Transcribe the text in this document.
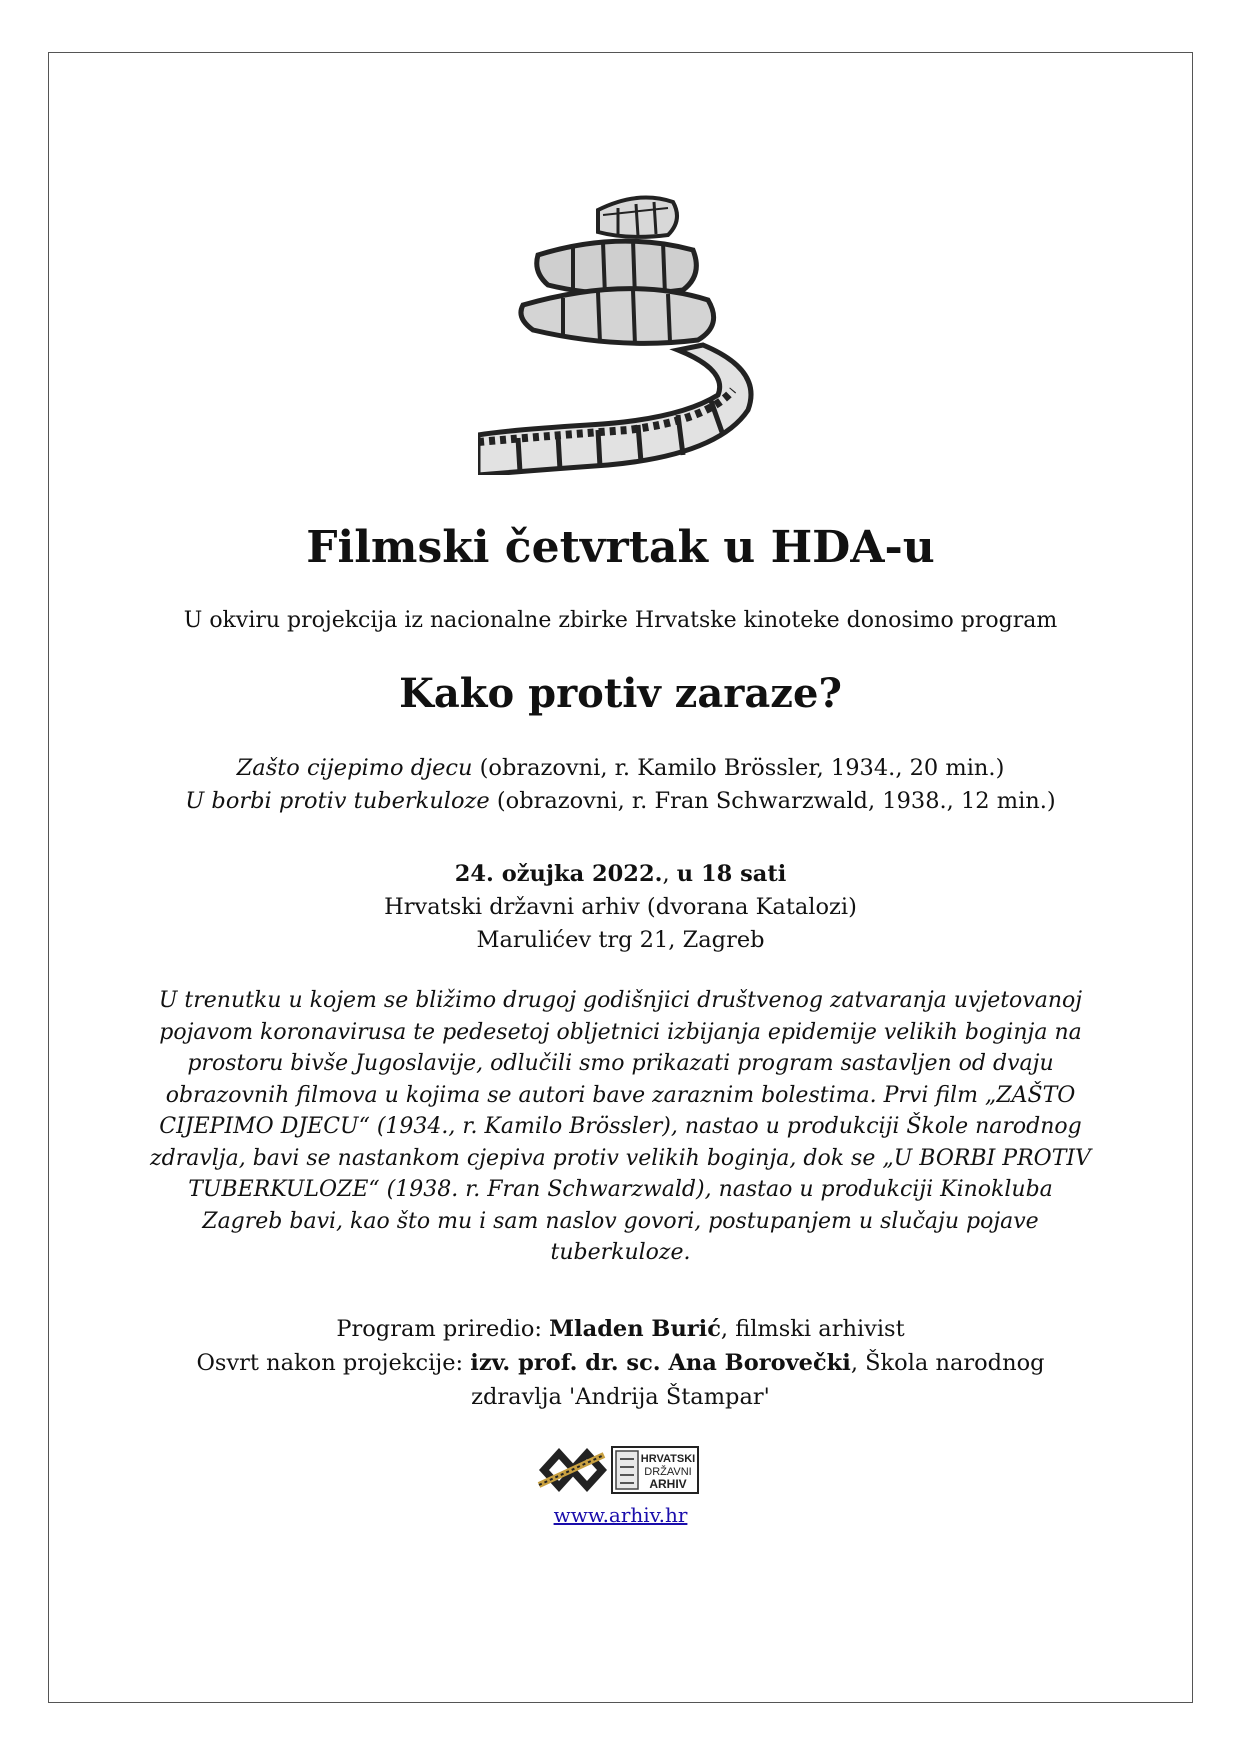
Filmski četvrtak u HDA-u
U okviru projekcija iz nacionalne zbirke Hrvatske kinoteke donosimo program
Kako protiv zaraze?
Zašto cijepimo djecu (obrazovni, r. Kamilo Brössler, 1934., 20 min.)
U borbi protiv tuberkuloze (obrazovni, r. Fran Schwarzwald, 1938., 12 min.)
24. ožujka 2022., u 18 sati
Hrvatski državni arhiv (dvorana Katalozi)
Marulićev trg 21, Zagreb
U trenutku u kojem se bližimo drugoj godišnjici društvenog zatvaranja uvjetovanoj pojavom koronavirusa te pedesetoj obljetnici izbijanja epidemije velikih boginja na prostoru bivše Jugoslavije, odlučili smo prikazati program sastavljen od dvaju obrazovnih filmova u kojima se autori bave zaraznim bolestima. Prvi film „ZAŠTO CIJEPIMO DJECU“ (1934., r. Kamilo Brössler), nastao u produkciji Škole narodnog zdravlja, bavi se nastankom cjepiva protiv velikih boginja, dok se „U BORBI PROTIV TUBERKULOZE“ (1938. r. Fran Schwarzwald), nastao u produkciji Kinokluba Zagreb bavi, kao što mu i sam naslov govori, postupanjem u slučaju pojave tuberkuloze.
Program priredio: Mladen Burić, filmski arhivist
Osvrt nakon projekcije: izv. prof. dr. sc. Ana Borovečki, Škola narodnog
zdravlja 'Andrija Štampar'
HRVATSKI
DRŽAVNI
ARHIV
www.arhiv.hr
